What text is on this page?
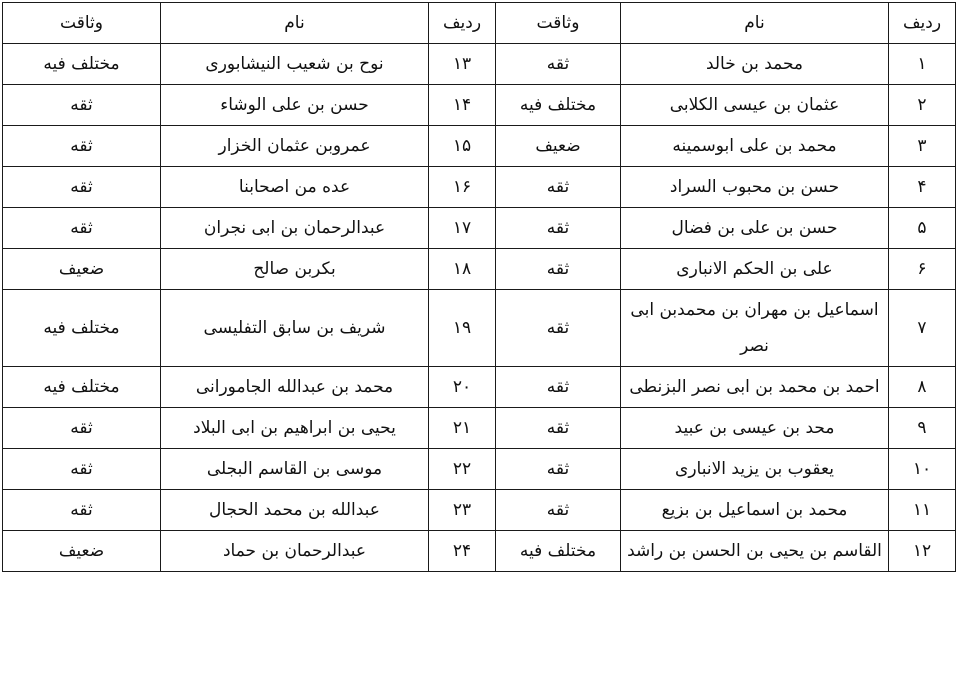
ردیف	نام	وثاقت	ردیف	نام	وثاقت
۱	محمد بن خالد	ثقه	۱۳	نوح بن شعیب النیشابوری	مختلف فیه
۲	عثمان بن عیسی الکلابی	مختلف فیه	۱۴	حسن بن علی الوشاء	ثقه
۳	محمد بن علی ابوسمینه	ضعیف	۱۵	عمروبن عثمان الخزار	ثقه
۴	حسن بن محبوب السراد	ثقه	۱۶	عده من اصحابنا	ثقه
۵	حسن بن علی بن فضال	ثقه	۱۷	عبدالرحمان بن ابی نجران	ثقه
۶	علی بن الحکم الانباری	ثقه	۱۸	بکربن صالح	ضعیف
۷	اسماعیل بن مهران بن محمدبن ابی نصر	ثقه	۱۹	شریف بن سابق التفلیسی	مختلف فیه
۸	احمد بن محمد بن ابی نصر البزنطی	ثقه	۲۰	محمد بن عبدالله الجامورانی	مختلف فیه
۹	محد بن عیسی بن عبید	ثقه	۲۱	یحیی بن ابراهیم بن ابی البلاد	ثقه
۱۰	یعقوب بن یزید الانباری	ثقه	۲۲	موسی بن القاسم البجلی	ثقه
۱۱	محمد بن اسماعیل بن بزیع	ثقه	۲۳	عبدالله بن محمد الحجال	ثقه
۱۲	القاسم بن یحیی بن الحسن بن راشد	مختلف فیه	۲۴	عبدالرحمان بن حماد	ضعیف
